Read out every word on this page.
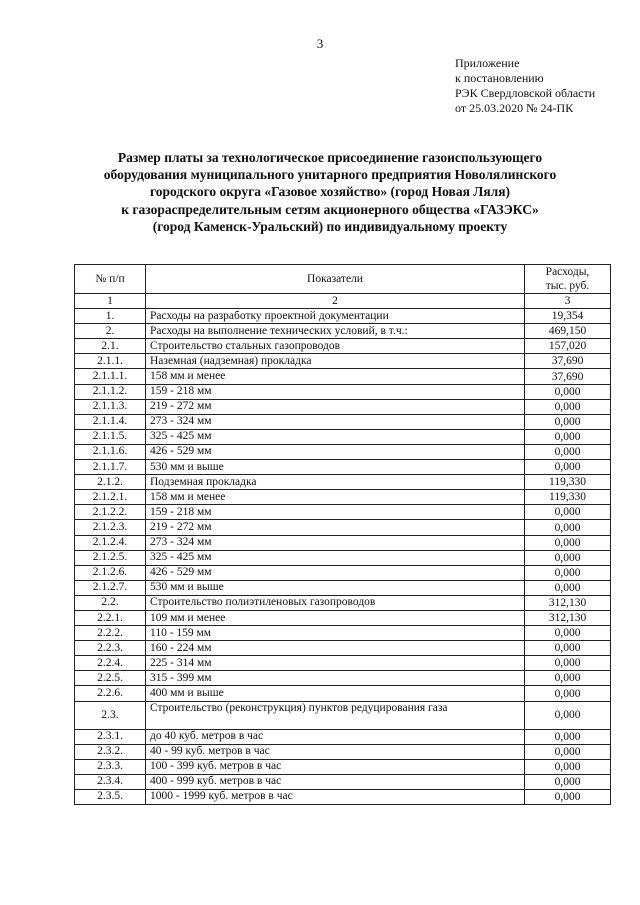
3
Приложение
к постановлению
РЭК Свердловской области
от 25.03.2020 № 24-ПК
Размер платы за технологическое присоединение газоиспользующего
оборудования муниципального унитарного предприятия Новолялинского
городского округа «Газовое хозяйство» (город Новая Ляля)
к газораспределительным сетям акционерного общества «ГАЗЭКС»
(город Каменск-Уральский) по индивидуальному проекту
№ п/п	Показатели	Расходы,
тыс. руб.
1	2	3
1.	Расходы на разработку проектной документации	19,354
2.	Расходы на выполнение технических условий, в т.ч.:	469,150
2.1.	Строительство стальных газопроводов	157,020
2.1.1.	Наземная (надземная) прокладка	37,690
2.1.1.1.	158 мм и менее	37,690
2.1.1.2.	159 - 218 мм	0,000
2.1.1.3.	219 - 272 мм	0,000
2.1.1.4.	273 - 324 мм	0,000
2.1.1.5.	325 - 425 мм	0,000
2.1.1.6.	426 - 529 мм	0,000
2.1.1.7.	530 мм и выше	0,000
2.1.2.	Подземная прокладка	119,330
2.1.2.1.	158 мм и менее	119,330
2.1.2.2.	159 - 218 мм	0,000
2.1.2.3.	219 - 272 мм	0,000
2.1.2.4.	273 - 324 мм	0,000
2.1.2.5.	325 - 425 мм	0,000
2.1.2.6.	426 - 529 мм	0,000
2.1.2.7.	530 мм и выше	0,000
2.2.	Строительство полиэтиленовых газопроводов	312,130
2.2.1.	109 мм и менее	312,130
2.2.2.	110 - 159 мм	0,000
2.2.3.	160 - 224 мм	0,000
2.2.4.	225 - 314 мм	0,000
2.2.5.	315 - 399 мм	0,000
2.2.6.	400 мм и выше	0,000
2.3.	Строительство (реконструкция) пунктов редуцирования газа	0,000
2.3.1.	до 40 куб. метров в час	0,000
2.3.2.	40 - 99 куб. метров в час	0,000
2.3.3.	100 - 399 куб. метров в час	0,000
2.3.4.	400 - 999 куб. метров в час	0,000
2.3.5.	1000 - 1999 куб. метров в час	0,000
